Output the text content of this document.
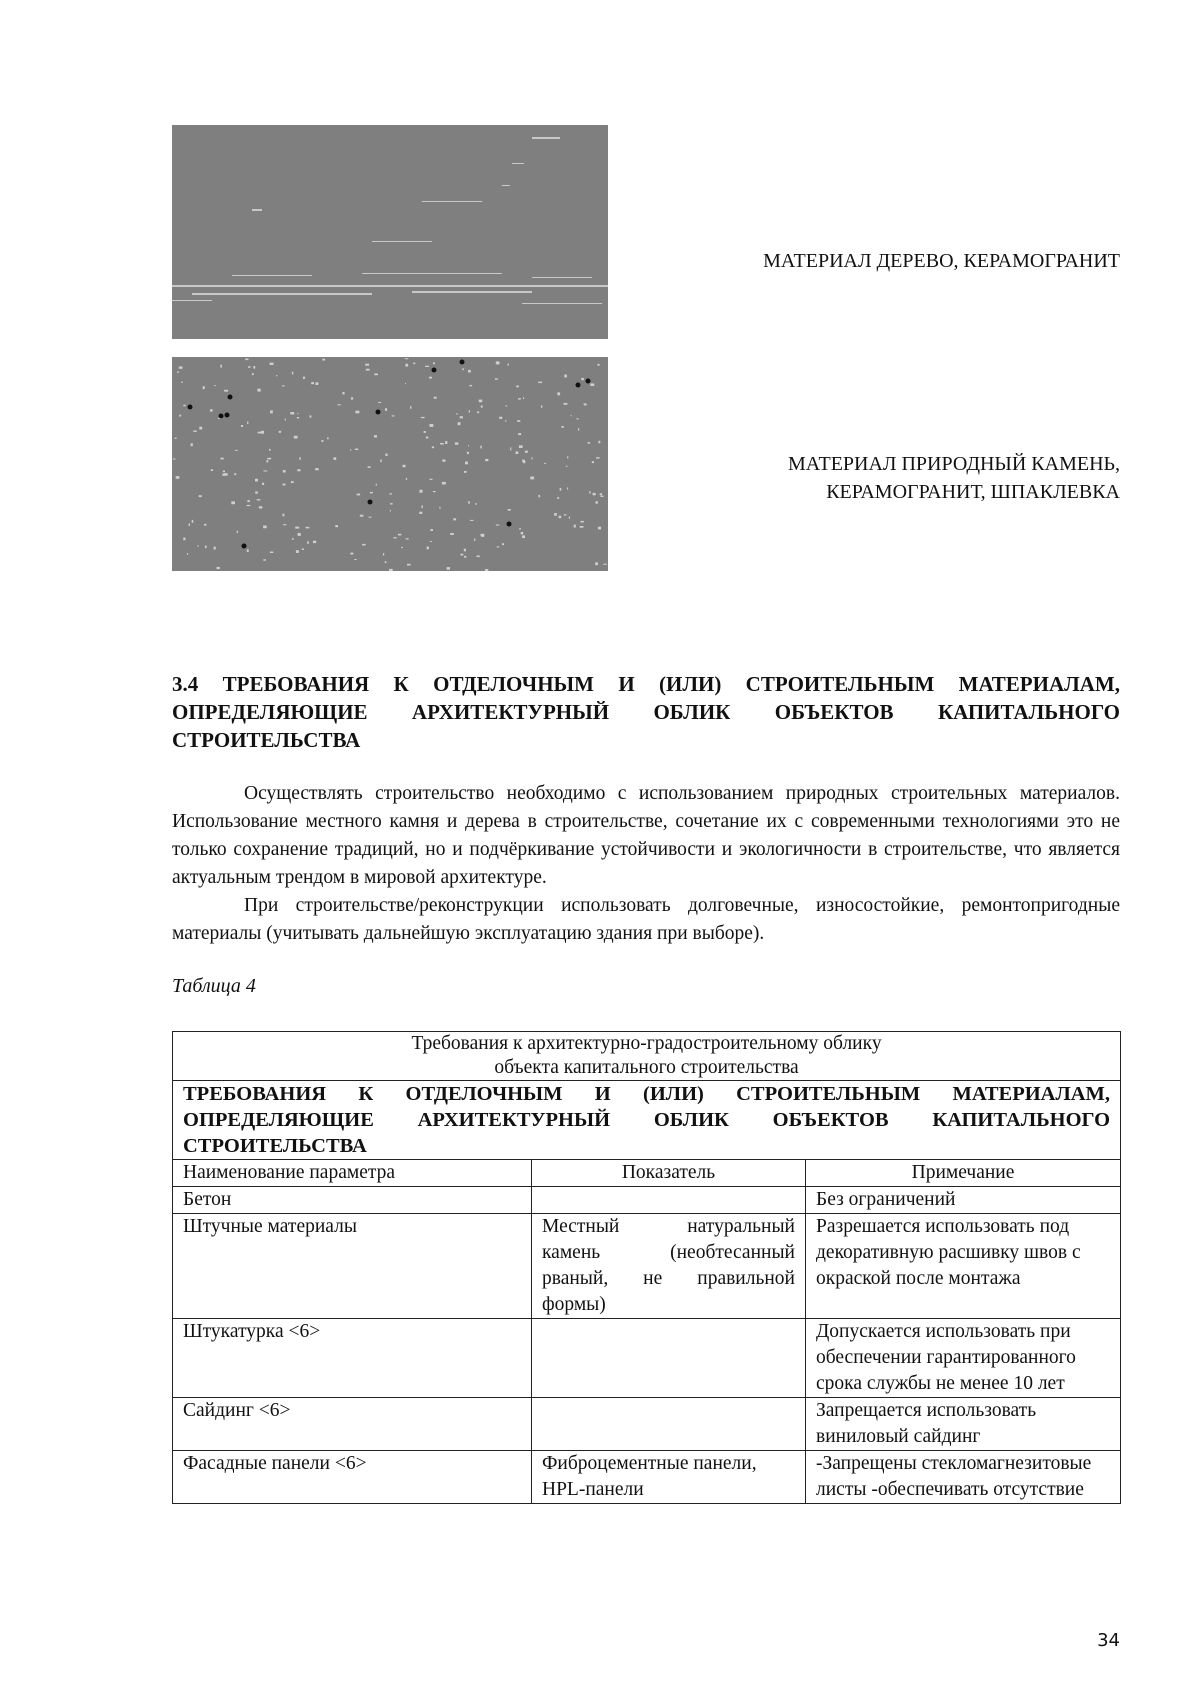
МАТЕРИАЛ ДЕРЕВО, КЕРАМОГРАНИТ
МАТЕРИАЛ ПРИРОДНЫЙ КАМЕНЬ,
КЕРАМОГРАНИТ, ШПАКЛЕВКА
3.4 ТРЕБОВАНИЯ К ОТДЕЛОЧНЫМ И (ИЛИ) СТРОИТЕЛЬНЫМ МАТЕРИАЛАМ, ОПРЕДЕЛЯЮЩИЕ АРХИТЕКТУРНЫЙ ОБЛИК ОБЪЕКТОВ КАПИТАЛЬНОГО СТРОИТЕЛЬСТВА

Осуществлять строительство необходимо с использованием природных строительных материалов. Использование местного камня и дерева в строительстве, сочетание их с современными технологиями это не только сохранение традиций, но и подчёркивание устойчивости и экологичности в строительстве, что является актуальным трендом в мировой архитектуре.

При строительстве/реконструкции использовать долговечные, износостойкие, ремонтопригодные материалы (учитывать дальнейшую эксплуатацию здания при выборе).

Таблица 4
Требования к архитектурно-градостроительному облику
объекта капитального строительства		

ТРЕБОВАНИЯ К ОТДЕЛОЧНЫМ И (ИЛИ) СТРОИТЕЛЬНЫМ МАТЕРИАЛАМ, ОПРЕДЕЛЯЮЩИЕ АРХИТЕКТУРНЫЙ ОБЛИК ОБЪЕКТОВ КАПИТАЛЬНОГО СТРОИТЕЛЬСТВА		
Наименование параметра	Показатель	Примечание
Бетон		Без ограничений
Штучные материалы	Местный натуральный камень (необтесанный рваный, не правильной формы)	Разрешается использовать под декоративную расшивку швов с окраской после монтажа
Штукатурка <6>		Допускается использовать при обеспечении гарантированного срока службы не менее 10 лет
Сайдинг <6>		Запрещается использовать виниловый сайдинг
Фасадные панели <6>	Фиброцементные панели, HPL-панели	-Запрещены стекломагнезитовые листы -обеспечивать отсутствие
34
